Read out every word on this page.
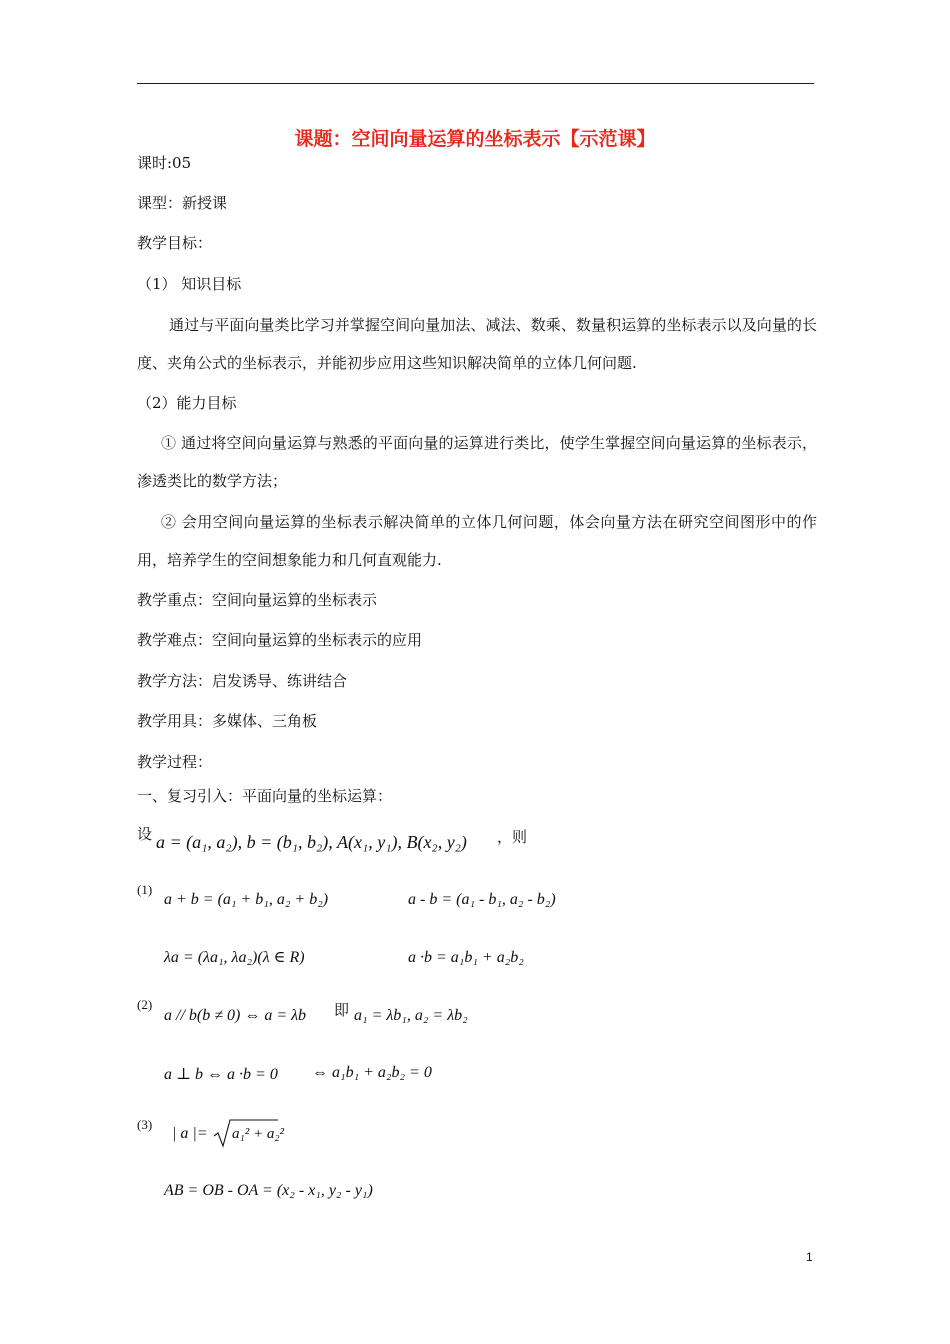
课题：空间向量运算的坐标表示【示范课】
课时:05
课型：新授课
教学目标：
（1） 知识目标
通过与平面向量类比学习并掌握空间向量加法、减法、数乘、数量积运算的坐标表示以及向量的长度、夹角公式的坐标表示，并能初步应用这些知识解决简单的立体几何问题.
（2）能力目标
① 通过将空间向量运算与熟悉的平面向量的运算进行类比，使学生掌握空间向量运算的坐标表示，渗透类比的数学方法；
② 会用空间向量运算的坐标表示解决简单的立体几何问题，体会向量方法在研究空间图形中的作用，培养学生的空间想象能力和几何直观能力.
教学重点：空间向量运算的坐标表示
教学难点：空间向量运算的坐标表示的应用
教学方法：启发诱导、练讲结合
教学用具：多媒体、三角板
教学过程：
一、复习引入：平面向量的坐标运算：
设 a = (a₁, a₂), b = (b₁, b₂), A(x₁, y₁), B(x₂, y₂) ，则
(1)
a + b = (a₁ + b₁, a₂ + b₂)	a - b = (a₁ - b₁, a₂ - b₂)
λa = (λa₁, λa₂)(λ ∈ R)	a ·b = a₁b₁ + a₂b₂
(2)
a // b(b ≠ 0) ⇔ a = λb 即 a₁ = λb₁, a₂ = λb₂
a ⊥ b ⇔ a ·b = 0 ⇔ a₁b₁ + a₂b₂ = 0
(3)
| a |= a₁² + a₂²
AB = OB - OA = (x₂ - x₁, y₂ - y₁)
1
